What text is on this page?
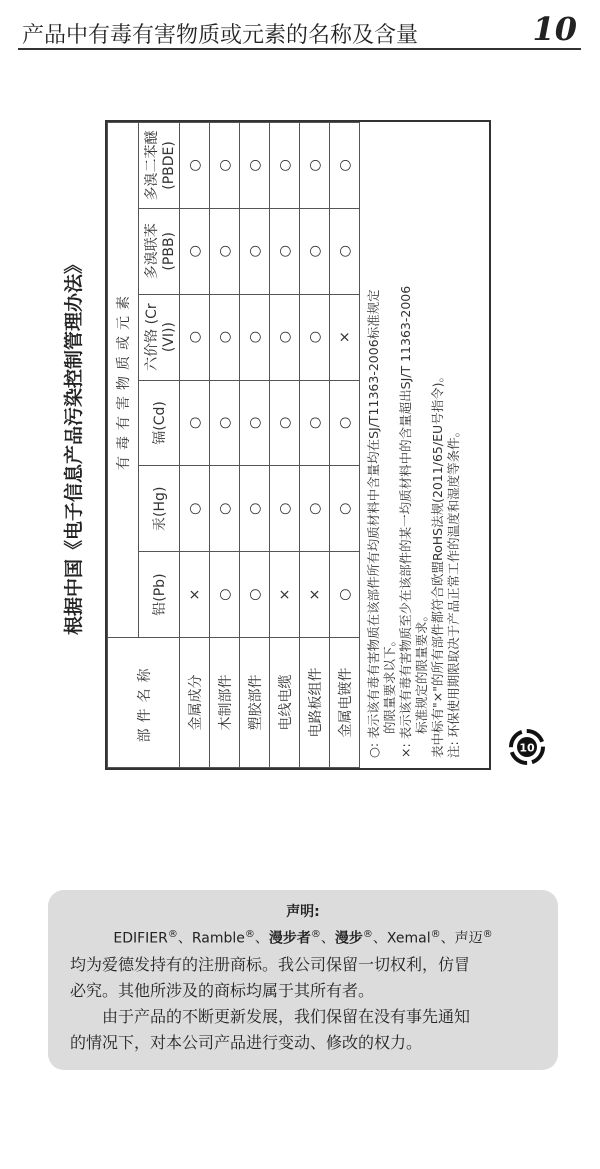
产品中有毒有害物质或元素的名称及含量	10
根据中国《电子信息产品污染控制管理办法》
部件名称	有毒有害物质或元素					
	铅(Pb)	汞(Hg)	镉(Cd)	六价铬 (Cr (VI))	多溴联苯 (PBB)	多溴二苯醚 (PBDE)
金属成分	×	○	○	○	○	○
木制部件	○	○	○	○	○	○
塑胶部件	○	○	○	○	○	○
电线电缆	×	○	○	○	○	○
电路板组件	×	○	○	○	○	○
金属电镀件	○	○	○	×	○	○
○: 表示该有毒有害物质在该部件所有均质材料中含量均在SJ/T11363-2006标准规定 的限量要求以下。 ×: 表示该有毒有害物质至少在该部件的某一均质材料中的含量超出SJ/T 11363-2006 标准规定的限量要求。 表中标有"×"的所有部件都符合欧盟RoHS法规(2011/65/EU号指令)。 注: 环保使用期限取决于产品正常工作的温度和湿度等条件。	10
声明:
EDIFIER®、Ramble®、漫步者®、漫步®、Xemal®、声迈®

均为爱德发持有的注册商标。我公司保留一切权利，仿冒

必究。其他所涉及的商标均属于其所有者。

由于产品的不断更新发展，我们保留在没有事先通知

的情况下，对本公司产品进行变动、修改的权力。
